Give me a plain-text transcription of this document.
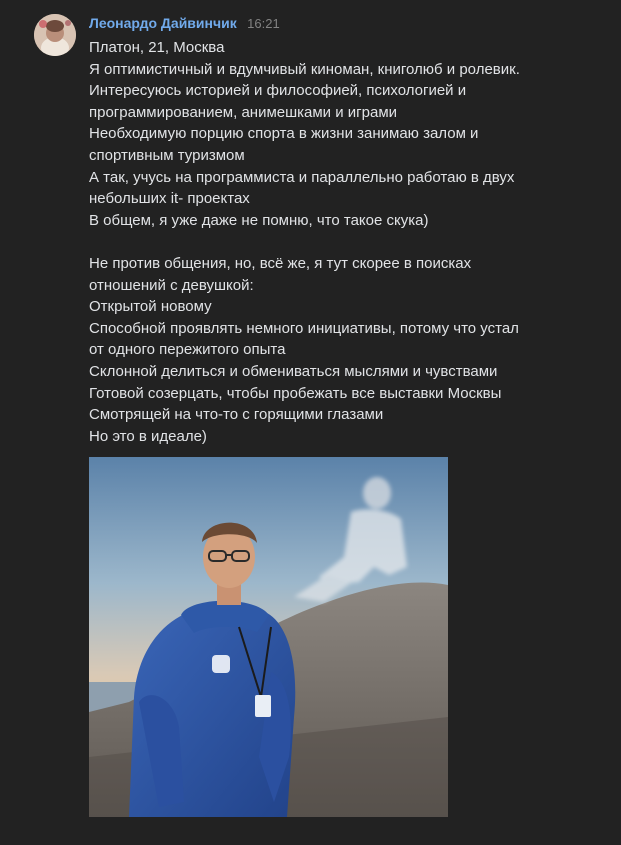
Леонардо Дайвинчик 16:21
Платон, 21, Москва
Я оптимистичный и вдумчивый киноман, книголюб и ролевик.
Интересуюсь историей и философией, психологией и
программированием, анимешками и играми
Необходимую порцию спорта в жизни занимаю залом и
спортивным туризмом
А так, учусь на программиста и параллельно работаю в двух
небольших it- проектах
В общем, я уже даже не помню, что такое скука)
Не против общения, но, всё же, я тут скорее в поисках
отношений с девушкой:
Открытой новому
Способной проявлять немного инициативы, потому что устал
от одного пережитого опыта
Склонной делиться и обмениваться мыслями и чувствами
Готовой созерцать, чтобы пробежать все выставки Москвы
Смотрящей на что-то с горящими глазами
Но это в идеале)
